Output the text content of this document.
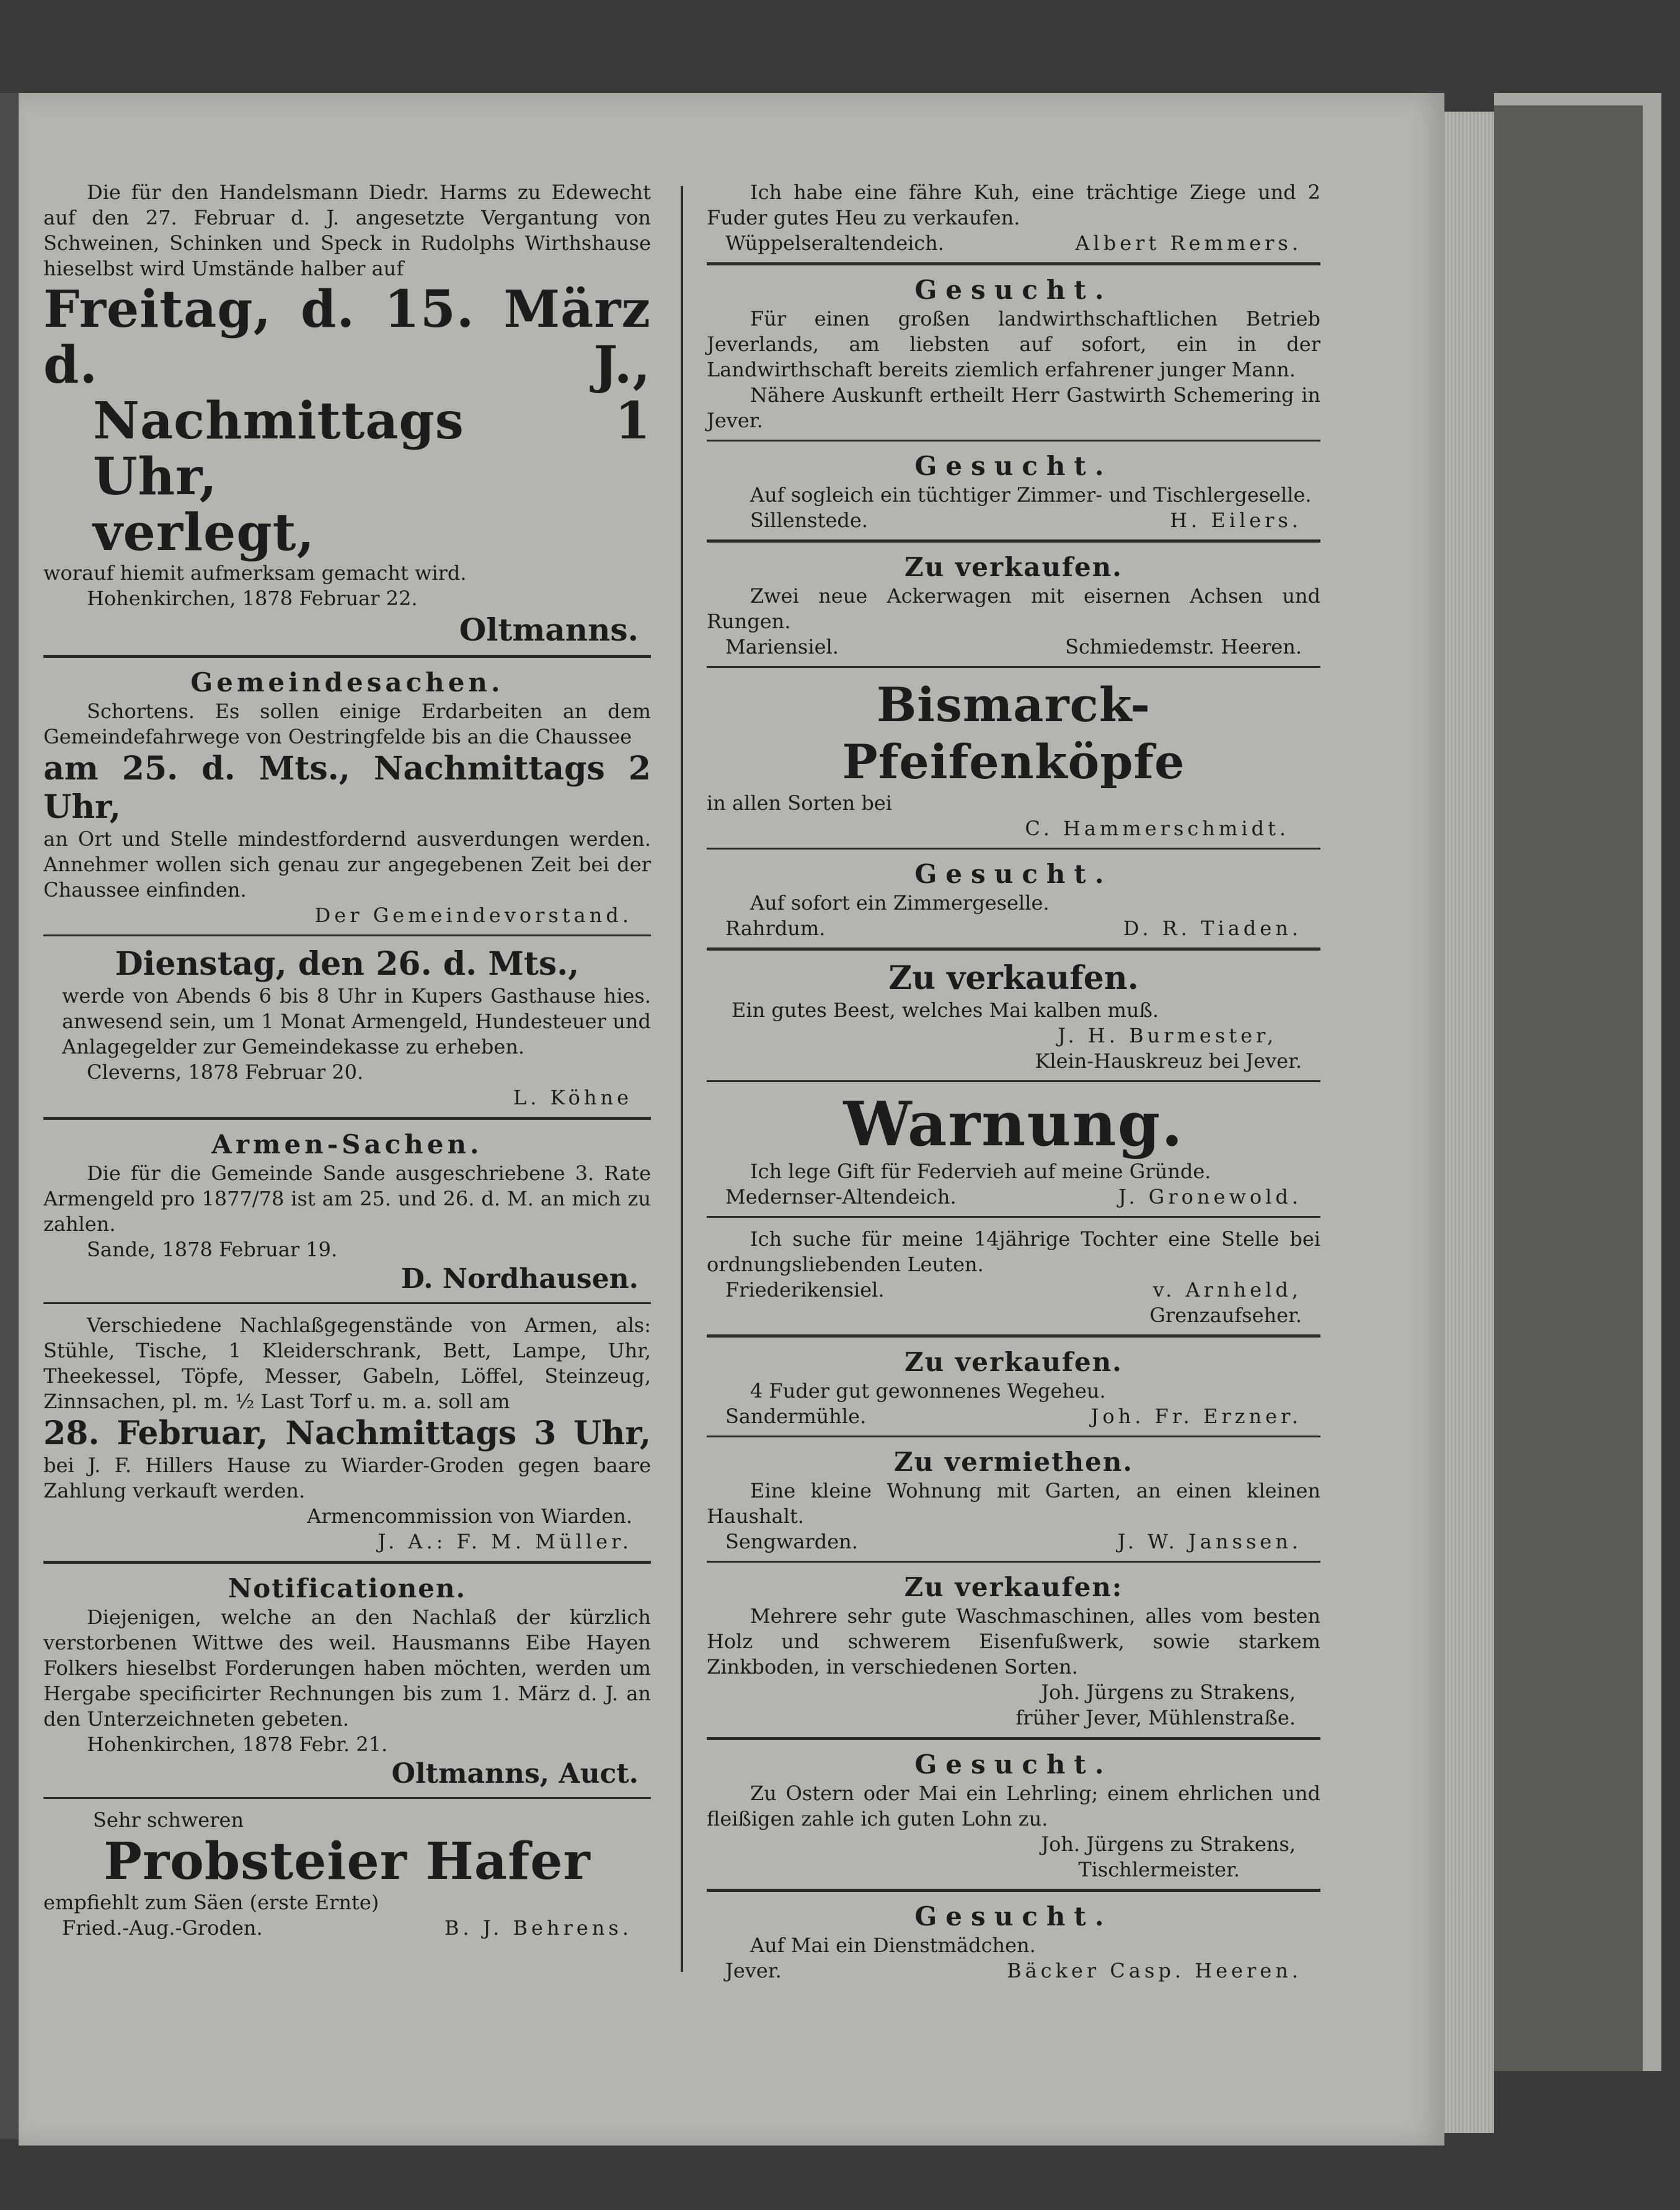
Die für den Handelsmann Diedr. Harms zu Edewecht auf den 27. Februar d. J. angesetzte Vergantung von Schweinen, Schinken und Speck in Rudolphs Wirthshause hieselbst wird Umstände halber auf

Freitag, d. 15. März d. J.,

Nachmittags 1 Uhr,

verlegt,

worauf hiemit aufmerksam gemacht wird.

Hohenkirchen, 1878 Februar 22.

Oltmanns.

Gemeindesachen.

Schortens. Es sollen einige Erdarbeiten an dem Gemeindefahrwege von Oestringfelde bis an die Chaussee

am 25. d. Mts., Nachmittags 2 Uhr,

an Ort und Stelle mindestfordernd ausverdungen werden. Annehmer wollen sich genau zur angegebenen Zeit bei der Chaussee einfinden.

Der Gemeindevorstand.

Dienstag, den 26. d. Mts.,

werde von Abends 6 bis 8 Uhr in Kupers Gasthause hies. anwesend sein, um 1 Monat Armengeld, Hundesteuer und Anlagegelder zur Gemeindekasse zu erheben.

Cleverns, 1878 Februar 20.

L. Köhne

Armen-Sachen.

Die für die Gemeinde Sande ausgeschriebene 3. Rate Armengeld pro 1877/78 ist am 25. und 26. d. M. an mich zu zahlen.

Sande, 1878 Februar 19.

D. Nordhausen.

Verschiedene Nachlaßgegenstände von Armen, als: Stühle, Tische, 1 Kleiderschrank, Bett, Lampe, Uhr, Theekessel, Töpfe, Messer, Gabeln, Löffel, Steinzeug, Zinnsachen, pl. m. ½ Last Torf u. m. a. soll am

28. Februar, Nachmittags 3 Uhr,

bei J. F. Hillers Hause zu Wiarder-Groden gegen baare Zahlung verkauft werden.

Armencommission von Wiarden.

J. A.: F. M. Müller.

Notificationen.

Diejenigen, welche an den Nachlaß der kürzlich verstorbenen Wittwe des weil. Hausmanns Eibe Hayen Folkers hieselbst Forderungen haben möchten, werden um Hergabe specificirter Rechnungen bis zum 1. März d. J. an den Unterzeichneten gebeten.

Hohenkirchen, 1878 Febr. 21.

Oltmanns, Auct.

Sehr schweren

Probsteier Hafer

empfiehlt zum Säen (erste Ernte)

Fried.-Aug.-Groden.	B. J. Behrens.

Ich habe eine fähre Kuh, eine trächtige Ziege und 2 Fuder gutes Heu zu verkaufen.

Wüppelseraltendeich.	Albert Remmers.

Gesucht.

Für einen großen landwirthschaftlichen Betrieb Jeverlands, am liebsten auf sofort, ein in der Landwirthschaft bereits ziemlich erfahrener junger Mann.

Nähere Auskunft ertheilt Herr Gastwirth Schemering in Jever.

Gesucht.

Auf sogleich ein tüchtiger Zimmer- und Tischlergeselle.

Sillenstede.	H. Eilers.

Zu verkaufen.

Zwei neue Ackerwagen mit eisernen Achsen und Rungen.

Mariensiel.	Schmiedemstr. Heeren.

Bismarck-Pfeifenköpfe

in allen Sorten bei

C. Hammerschmidt.

Gesucht.

Auf sofort ein Zimmergeselle.

Rahrdum.	D. R. Tiaden.

Zu verkaufen.

Ein gutes Beest, welches Mai kalben muß.

J. H. Burmester,

Klein-Hauskreuz bei Jever.

Warnung.

Ich lege Gift für Federvieh auf meine Gründe.

Medernser-Altendeich.	J. Gronewold.

Ich suche für meine 14jährige Tochter eine Stelle bei ordnungsliebenden Leuten.

Friederikensiel.	v. Arnheld,

Grenzaufseher.

Zu verkaufen.

4 Fuder gut gewonnenes Wegeheu.

Sandermühle.	Joh. Fr. Erzner.

Zu vermiethen.

Eine kleine Wohnung mit Garten, an einen kleinen Haushalt.

Sengwarden.	J. W. Janssen.

Zu verkaufen:

Mehrere sehr gute Waschmaschinen, alles vom besten Holz und schwerem Eisenfußwerk, sowie starkem Zinkboden, in verschiedenen Sorten.

Joh. Jürgens zu Strakens,

früher Jever, Mühlenstraße.

Gesucht.

Zu Ostern oder Mai ein Lehrling; einem ehrlichen und fleißigen zahle ich guten Lohn zu.

Joh. Jürgens zu Strakens,

Tischlermeister.

Gesucht.

Auf Mai ein Dienstmädchen.

Jever.	Bäcker Casp. Heeren.
